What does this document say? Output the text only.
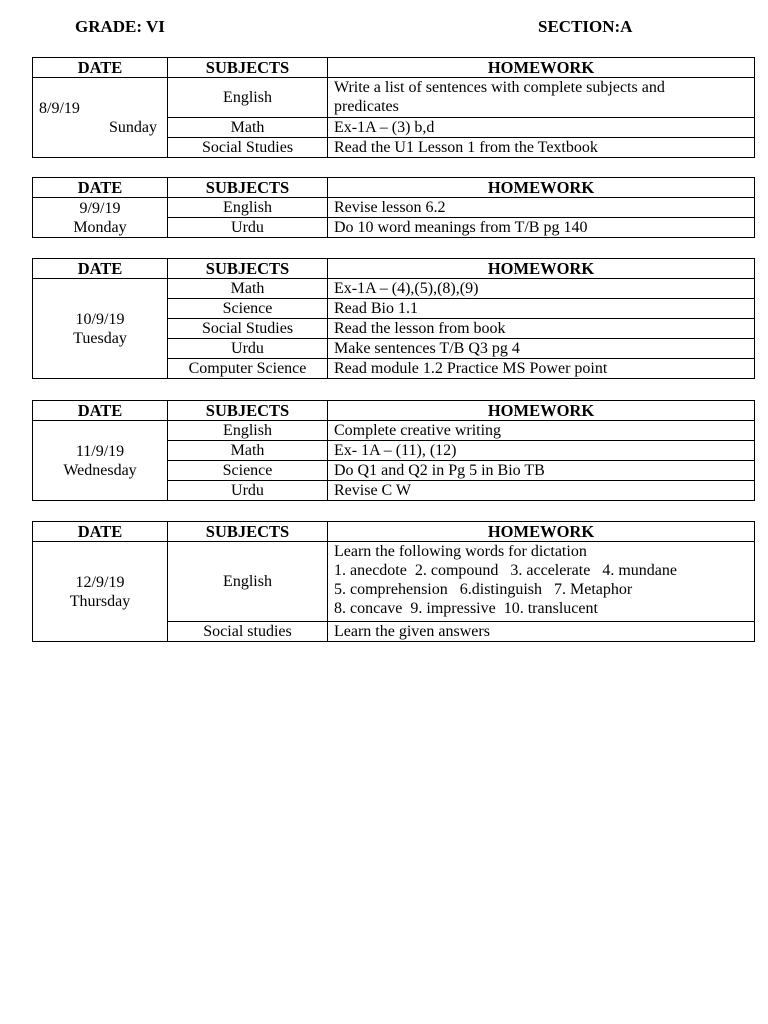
GRADE: VI	SECTION:A
DATE	SUBJECTS	HOMEWORK

8/9/19
Sunday	English	Write a list of sentences with complete subjects and
predicates

	Math	Ex-1A – (3) b,d

	Social Studies	Read the U1 Lesson 1 from the Textbook
DATE	SUBJECTS	HOMEWORK

9/9/19
Monday	English	Revise lesson 6.2

	Urdu	Do 10 word meanings from T/B pg 140
DATE	SUBJECTS	HOMEWORK

10/9/19
Tuesday	Math	Ex-1A – (4),(5),(8),(9)

	Science	Read Bio 1.1

	Social Studies	Read the lesson from book

	Urdu	Make sentences T/B Q3 pg 4

	Computer Science	Read module 1.2 Practice MS Power point
DATE	SUBJECTS	HOMEWORK

11/9/19
Wednesday	English	Complete creative writing

	Math	Ex- 1A – (11), (12)

	Science	Do Q1 and Q2 in Pg 5 in Bio TB

	Urdu	Revise C W
DATE	SUBJECTS	HOMEWORK

12/9/19
Thursday	English	Learn the following words for dictation
1. anecdote  2. compound   3. accelerate   4. mundane
5. comprehension   6.distinguish   7. Metaphor
8. concave  9. impressive  10. translucent

	Social studies	Learn the given answers
